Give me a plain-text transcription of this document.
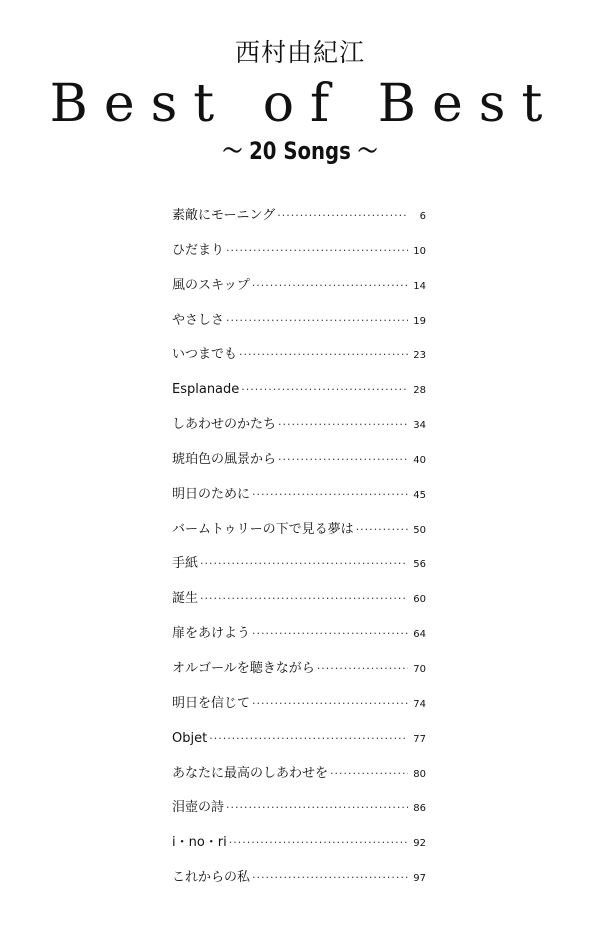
西村由紀江
Best of Best
～ 20 Songs ～
素敵にモーニング ·····	6
ひだまり ·····	10
風のスキップ ·····	14
やさしさ ·····	19
いつまでも ·····	23
Esplanade ·····	28
しあわせのかたち ·····	34
琥珀色の風景から ·····	40
明日のために ·····	45
バームトゥリーの下で見る夢は ·····	50
手紙 ·····	56
誕生 ·····	60
扉をあけよう ·····	64
オルゴールを聴きながら ·····	70
明日を信じて ·····	74
Objet ·····	77
あなたに最高のしあわせを ·····	80
泪壺の詩 ·····	86
i・no・ri ·····	92
これからの私 ·····	97
